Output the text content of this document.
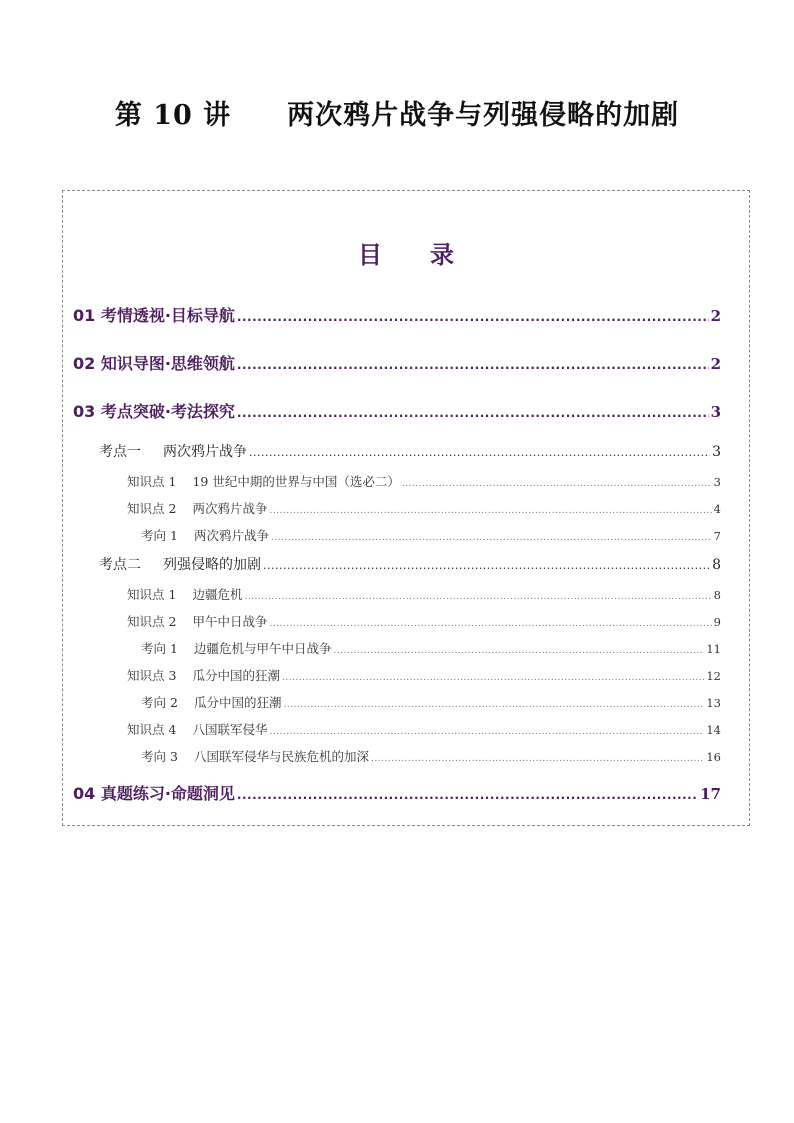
第 10 讲　　两次鸦片战争与列强侵略的加剧
目　　录
01 考情透视·目标导航 .....	2
02 知识导图·思维领航 .....	2
03 考点突破·考法探究 .....	3
考点一 两次鸦片战争 .....	3
知识点 1 19 世纪中期的世界与中国（选必二） .....	3
知识点 2 两次鸦片战争 .....	4
考向 1 两次鸦片战争 .....	7
考点二 列强侵略的加剧 .....	8
知识点 1 边疆危机 .....	8
知识点 2 甲午中日战争 .....	9
考向 1 边疆危机与甲午中日战争 .....	11
知识点 3 瓜分中国的狂潮 .....	12
考向 2 瓜分中国的狂潮 .....	13
知识点 4 八国联军侵华 .....	14
考向 3 八国联军侵华与民族危机的加深 .....	16
04 真题练习·命题洞见 .....	17
